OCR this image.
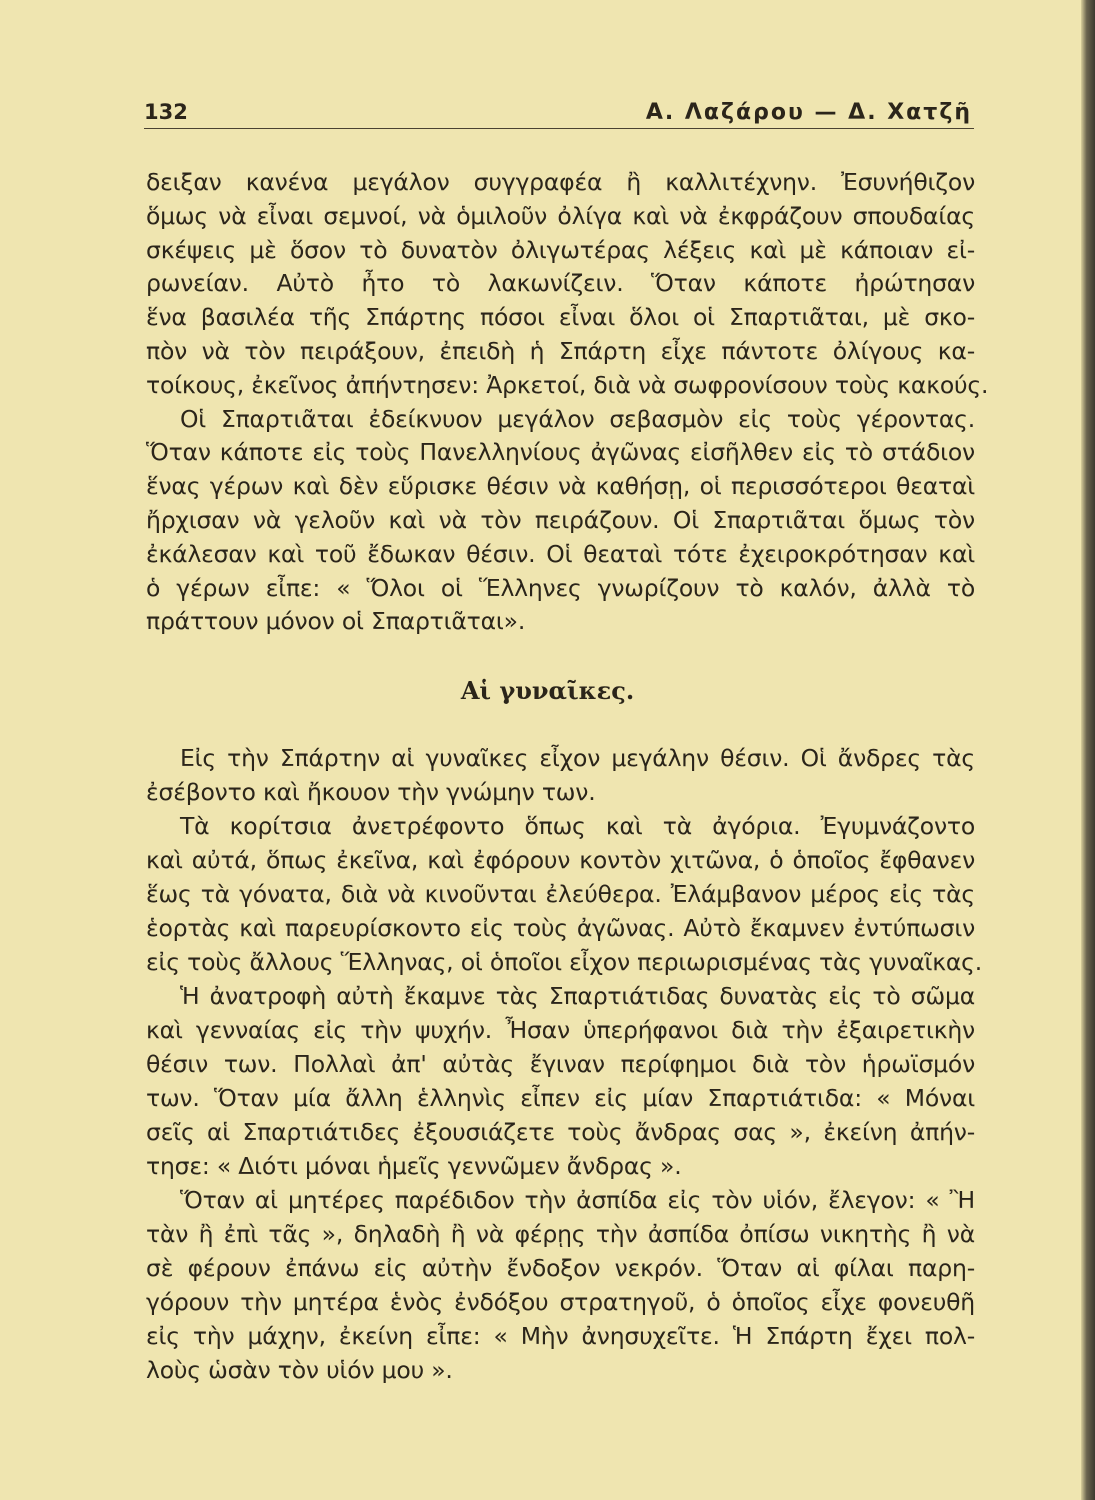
132	Α. Λαζάρου — Δ. Χατζῆ
δειξαν κανένα μεγάλον συγγραφέα ἢ καλλιτέχνην. Ἐσυνήθιζον
ὅμως νὰ εἶναι σεμνοί, νὰ ὁμιλοῦν ὀλίγα καὶ νὰ ἐκφράζουν σπουδαίας
σκέψεις μὲ ὅσον τὸ δυνατὸν ὀλιγωτέρας λέξεις καὶ μὲ κάποιαν εἰ-
ρωνείαν. Αὐτὸ ἦτο τὸ λακωνίζειν. Ὅταν κάποτε ἠρώτησαν
ἕνα βασιλέα τῆς Σπάρτης πόσοι εἶναι ὅλοι οἱ Σπαρτιᾶται, μὲ σκο-
πὸν νὰ τὸν πειράξουν, ἐπειδὴ ἡ Σπάρτη εἶχε πάντοτε ὀλίγους κα-
τοίκους, ἐκεῖνος ἀπήντησεν: Ἀρκετοί, διὰ νὰ σωφρονίσουν τοὺς κακούς.
Οἱ Σπαρτιᾶται ἐδείκνυον μεγάλον σεβασμὸν εἰς τοὺς γέροντας.
Ὅταν κάποτε εἰς τοὺς Πανελληνίους ἀγῶνας εἰσῆλθεν εἰς τὸ στάδιον
ἕνας γέρων καὶ δὲν εὕρισκε θέσιν νὰ καθήσῃ, οἱ περισσότεροι θεαταὶ
ἤρχισαν νὰ γελοῦν καὶ νὰ τὸν πειράζουν. Οἱ Σπαρτιᾶται ὅμως τὸν
ἐκάλεσαν καὶ τοῦ ἔδωκαν θέσιν. Οἱ θεαταὶ τότε ἐχειροκρότησαν καὶ
ὁ γέρων εἶπε: « Ὅλοι οἱ Ἕλληνες γνωρίζουν τὸ καλόν, ἀλλὰ τὸ
πράττουν μόνον οἱ Σπαρτιᾶται».
Αἱ γυναῖκες.
Εἰς τὴν Σπάρτην αἱ γυναῖκες εἶχον μεγάλην θέσιν. Οἱ ἄνδρες τὰς
ἐσέβοντο καὶ ἤκουον τὴν γνώμην των.
Τὰ κορίτσια ἀνετρέφοντο ὅπως καὶ τὰ ἀγόρια. Ἐγυμνάζοντο
καὶ αὐτά, ὅπως ἐκεῖνα, καὶ ἐφόρουν κοντὸν χιτῶνα, ὁ ὁποῖος ἔφθανεν
ἕως τὰ γόνατα, διὰ νὰ κινοῦνται ἐλεύθερα. Ἐλάμβανον μέρος εἰς τὰς
ἑορτὰς καὶ παρευρίσκοντο εἰς τοὺς ἀγῶνας. Αὐτὸ ἔκαμνεν ἐντύπωσιν
εἰς τοὺς ἄλλους Ἕλληνας, οἱ ὁποῖοι εἶχον περιωρισμένας τὰς γυναῖκας.
Ἡ ἀνατροφὴ αὐτὴ ἔκαμνε τὰς Σπαρτιάτιδας δυνατὰς εἰς τὸ σῶμα
καὶ γενναίας εἰς τὴν ψυχήν. Ἦσαν ὑπερήφανοι διὰ τὴν ἐξαιρετικὴν
θέσιν των. Πολλαὶ ἀπ' αὐτὰς ἔγιναν περίφημοι διὰ τὸν ἡρωϊσμόν
των. Ὅταν μία ἄλλη ἑλληνὶς εἶπεν εἰς μίαν Σπαρτιάτιδα: « Μόναι
σεῖς αἱ Σπαρτιάτιδες ἐξουσιάζετε τοὺς ἄνδρας σας », ἐκείνη ἀπήν-
τησε: « Διότι μόναι ἡμεῖς γεννῶμεν ἄνδρας ».
Ὅταν αἱ μητέρες παρέδιδον τὴν ἀσπίδα εἰς τὸν υἱόν, ἔλεγον: « Ἢ
τὰν ἢ ἐπὶ τᾶς », δηλαδὴ ἢ νὰ φέρῃς τὴν ἀσπίδα ὀπίσω νικητὴς ἢ νὰ
σὲ φέρουν ἐπάνω εἰς αὐτὴν ἔνδοξον νεκρόν. Ὅταν αἱ φίλαι παρη-
γόρουν τὴν μητέρα ἑνὸς ἐνδόξου στρατηγοῦ, ὁ ὁποῖος εἶχε φονευθῆ
εἰς τὴν μάχην, ἐκείνη εἶπε: « Μὴν ἀνησυχεῖτε. Ἡ Σπάρτη ἔχει πολ-
λοὺς ὡσὰν τὸν υἱόν μου ».
